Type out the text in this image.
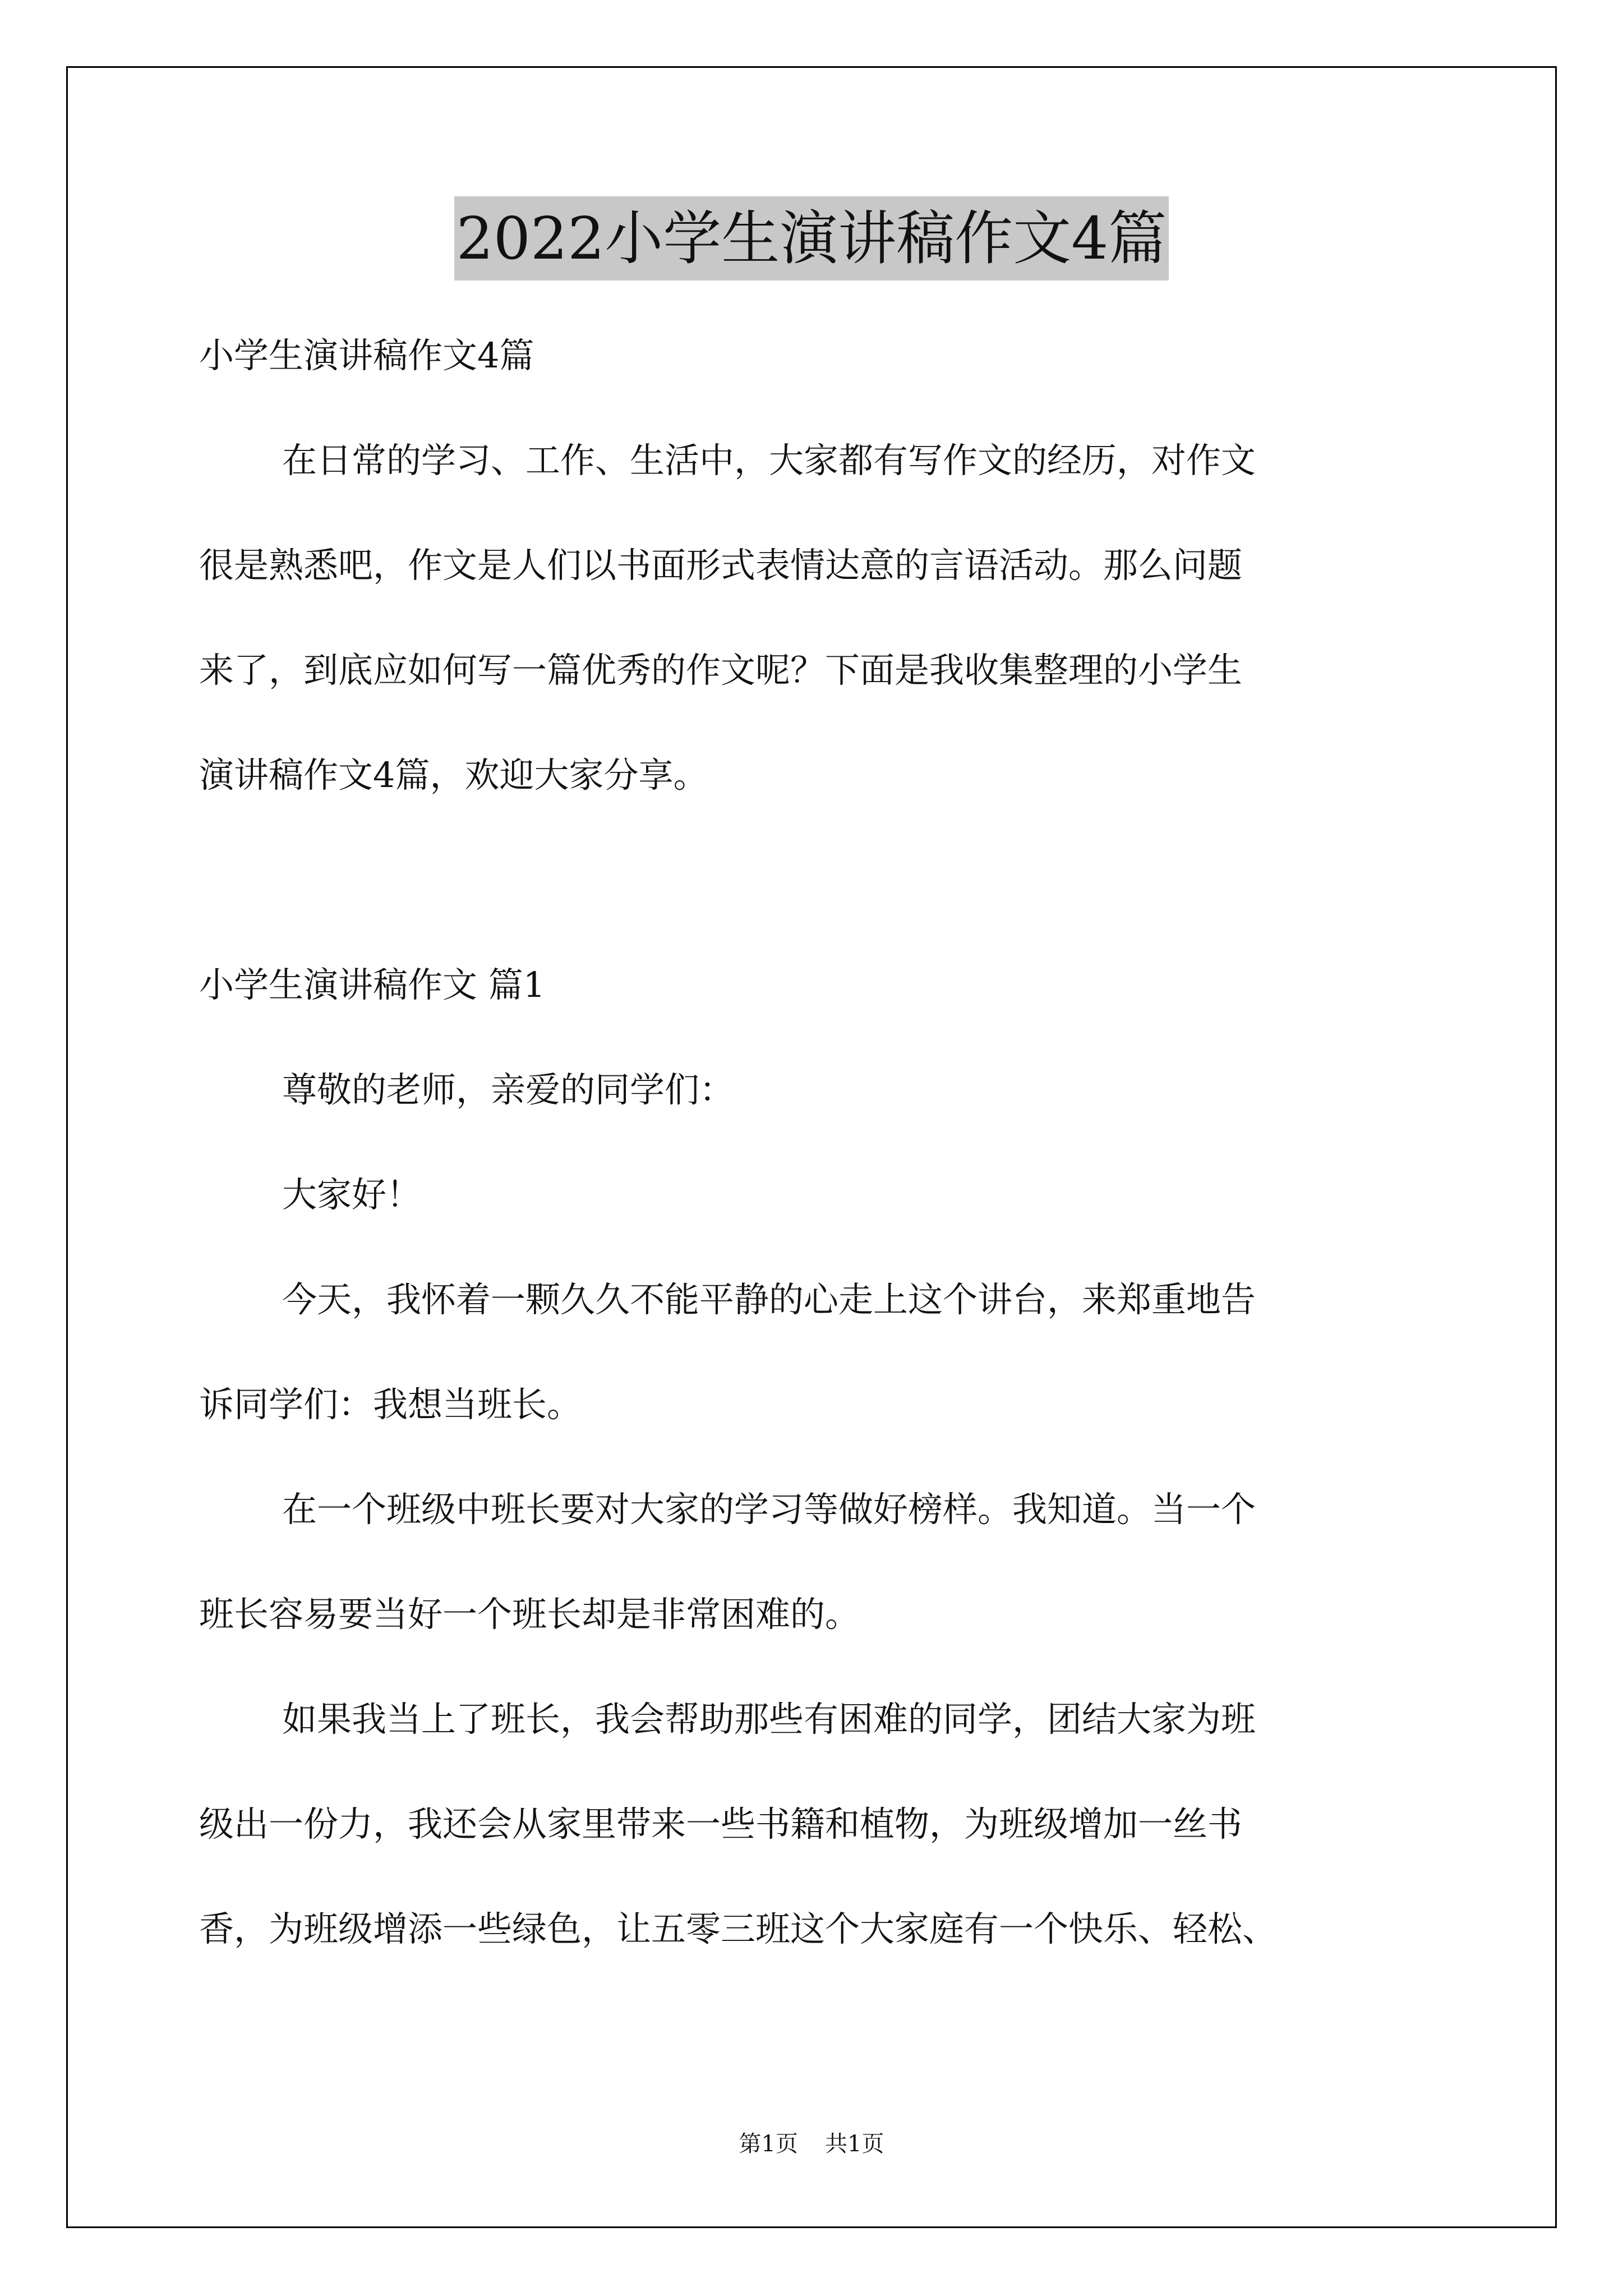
2022小学生演讲稿作文4篇
小学生演讲稿作文4篇
在日常的学习、工作、生活中，大家都有写作文的经历，对作文
很是熟悉吧，作文是人们以书面形式表情达意的言语活动。那么问题
来了，到底应如何写一篇优秀的作文呢？下面是我收集整理的小学生
演讲稿作文4篇，欢迎大家分享。
小学生演讲稿作文 篇1
尊敬的老师，亲爱的同学们：
大家好！
今天，我怀着一颗久久不能平静的心走上这个讲台，来郑重地告
诉同学们：我想当班长。
在一个班级中班长要对大家的学习等做好榜样。我知道。当一个
班长容易要当好一个班长却是非常困难的。
如果我当上了班长，我会帮助那些有困难的同学，团结大家为班
级出一份力，我还会从家里带来一些书籍和植物，为班级增加一丝书
香，为班级增添一些绿色，让五零三班这个大家庭有一个快乐、轻松、
第1页 共1页
